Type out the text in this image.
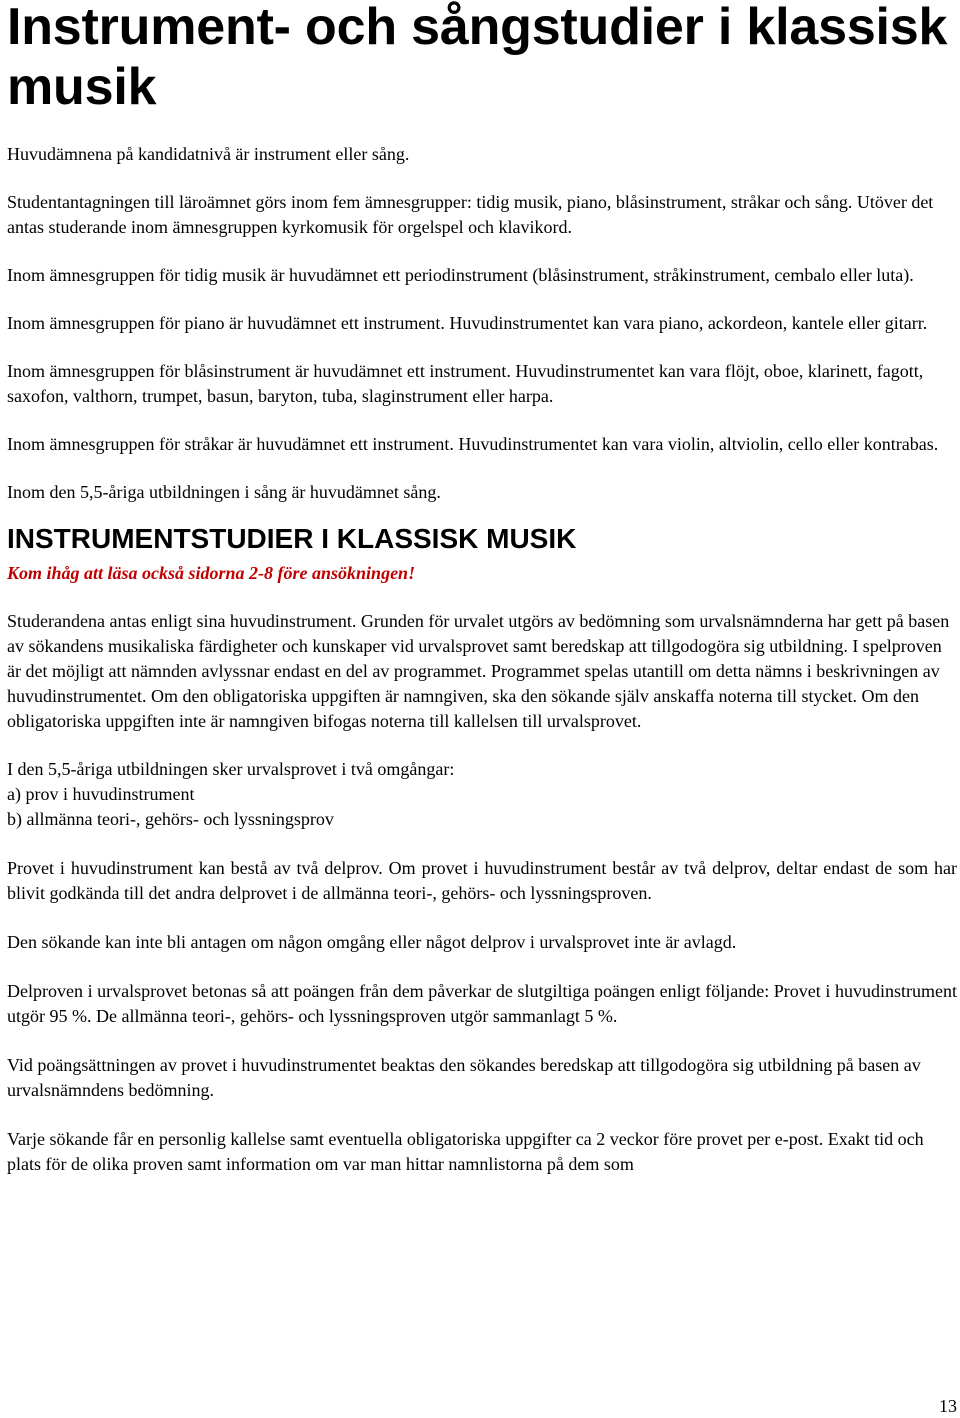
Instrument- och sångstudier i klassisk musik

Huvudämnena på kandidatnivå är instrument eller sång.

Studentantagningen till läroämnet görs inom fem ämnesgrupper: tidig musik, piano, blåsinstrument, stråkar och sång. Utöver det antas studerande inom ämnesgruppen kyrkomusik för orgelspel och klavikord.

Inom ämnesgruppen för tidig musik är huvudämnet ett periodinstrument (blåsinstrument, stråkinstrument, cembalo eller luta).

Inom ämnesgruppen för piano är huvudämnet ett instrument. Huvudinstrumentet kan vara piano, ackordeon, kantele eller gitarr.

Inom ämnesgruppen för blåsinstrument är huvudämnet ett instrument. Huvudinstrumentet kan vara flöjt, oboe, klarinett, fagott, saxofon, valthorn, trumpet, basun, baryton, tuba, slaginstrument eller harpa.

Inom ämnesgruppen för stråkar är huvudämnet ett instrument. Huvudinstrumentet kan vara violin, altviolin, cello eller kontrabas.

Inom den 5,5-åriga utbildningen i sång är huvudämnet sång.

INSTRUMENTSTUDIER I KLASSISK MUSIK

Kom ihåg att läsa också sidorna 2-8 före ansökningen!

Studerandena antas enligt sina huvudinstrument. Grunden för urvalet utgörs av bedömning som urvalsnämnderna har gett på basen av sökandens musikaliska färdigheter och kunskaper vid urvalsprovet samt beredskap att tillgodogöra sig utbildning. I spelproven är det möjligt att nämnden avlyssnar endast en del av programmet. Programmet spelas utantill om detta nämns i beskrivningen av huvudinstrumentet. Om den obligatoriska uppgiften är namngiven, ska den sökande själv anskaffa noterna till stycket. Om den obligatoriska uppgiften inte är namngiven bifogas noterna till kallelsen till urvalsprovet.

I den 5,5-åriga utbildningen sker urvalsprovet i två omgångar:

a) prov i huvudinstrument

b) allmänna teori-, gehörs- och lyssningsprov

Provet i huvudinstrument kan bestå av två delprov. Om provet i huvudinstrument består av två delprov, deltar endast de som har blivit godkända till det andra delprovet i de allmänna teori-, gehörs- och lyssningsproven.

Den sökande kan inte bli antagen om någon omgång eller något delprov i urvalsprovet inte är avlagd.

Delproven i urvalsprovet betonas så att poängen från dem påverkar de slutgiltiga poängen enligt följande: Provet i huvudinstrument utgör 95 %. De allmänna teori-, gehörs- och lyssningsproven utgör sammanlagt 5 %.

Vid poängsättningen av provet i huvudinstrumentet beaktas den sökandes beredskap att tillgodogöra sig utbildning på basen av urvalsnämndens bedömning.

Varje sökande får en personlig kallelse samt eventuella obligatoriska uppgifter ca 2 veckor före provet per e-post. Exakt tid och plats för de olika proven samt information om var man hittar namnlistorna på dem som

13
